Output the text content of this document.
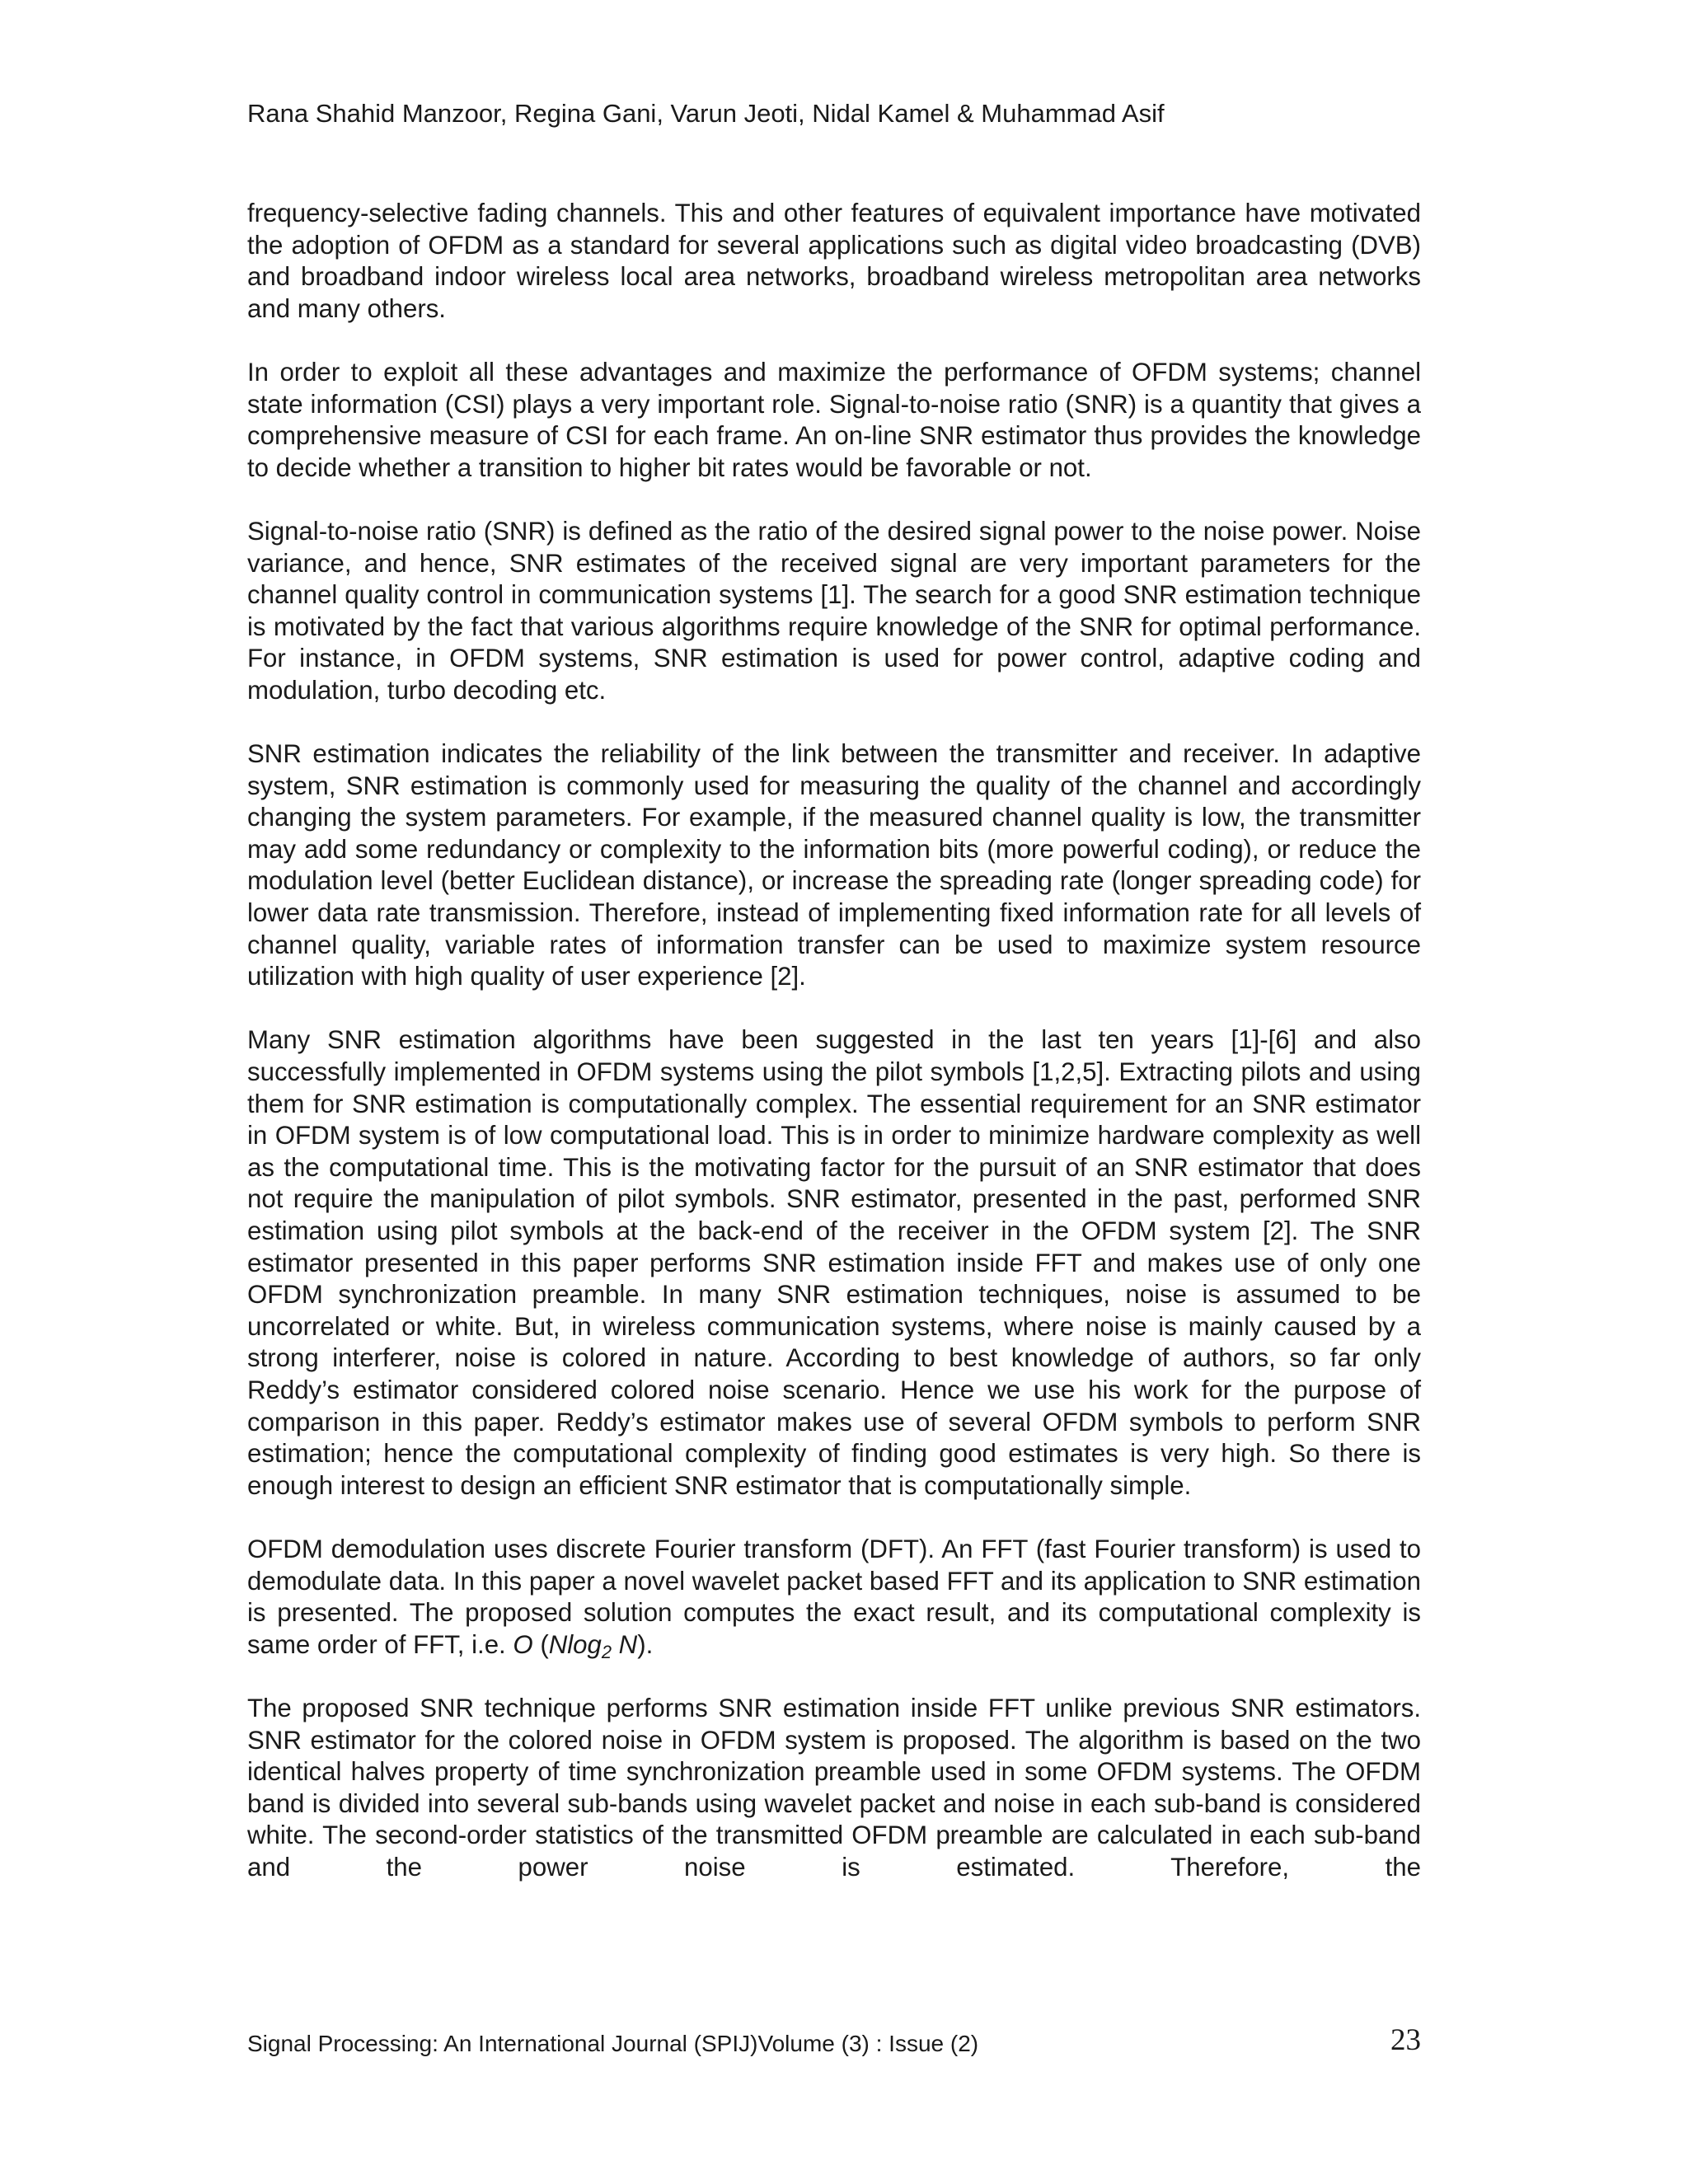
Rana Shahid Manzoor, Regina Gani, Varun Jeoti, Nidal Kamel & Muhammad Asif

frequency-selective fading channels. This and other features of equivalent importance have motivated the adoption of OFDM as a standard for several applications such as digital video broadcasting (DVB) and broadband indoor wireless local area networks, broadband wireless metropolitan area networks and many others.

In order to exploit all these advantages and maximize the performance of OFDM systems; channel state information (CSI) plays a very important role. Signal-to-noise ratio (SNR) is a quantity that gives a comprehensive measure of CSI for each frame. An on-line SNR estimator thus provides the knowledge to decide whether a transition to higher bit rates would be favorable or not.

Signal-to-noise ratio (SNR) is defined as the ratio of the desired signal power to the noise power. Noise variance, and hence, SNR estimates of the received signal are very important parameters for the channel quality control in communication systems [1]. The search for a good SNR estimation technique is motivated by the fact that various algorithms require knowledge of the SNR for optimal performance. For instance, in OFDM systems, SNR estimation is used for power control, adaptive coding and modulation, turbo decoding etc.

SNR estimation indicates the reliability of the link between the transmitter and receiver. In adaptive system, SNR estimation is commonly used for measuring the quality of the channel and accordingly changing the system parameters. For example, if the measured channel quality is low, the transmitter may add some redundancy or complexity to the information bits (more powerful coding), or reduce the modulation level (better Euclidean distance), or increase the spreading rate (longer spreading code) for lower data rate transmission. Therefore, instead of implementing fixed information rate for all levels of channel quality, variable rates of information transfer can be used to maximize system resource utilization with high quality of user experience [2].

Many SNR estimation algorithms have been suggested in the last ten years [1]-[6] and also successfully implemented in OFDM systems using the pilot symbols [1,2,5]. Extracting pilots and using them for SNR estimation is computationally complex. The essential requirement for an SNR estimator in OFDM system is of low computational load. This is in order to minimize hardware complexity as well as the computational time. This is the motivating factor for the pursuit of an SNR estimator that does not require the manipulation of pilot symbols. SNR estimator, presented in the past, performed SNR estimation using pilot symbols at the back-end of the receiver in the OFDM system [2]. The SNR estimator presented in this paper performs SNR estimation inside FFT and makes use of only one OFDM synchronization preamble. In many SNR estimation techniques, noise is assumed to be uncorrelated or white. But, in wireless communication systems, where noise is mainly caused by a strong interferer, noise is colored in nature. According to best knowledge of authors, so far only Reddy’s estimator considered colored noise scenario. Hence we use his work for the purpose of comparison in this paper. Reddy’s estimator makes use of several OFDM symbols to perform SNR estimation; hence the computational complexity of finding good estimates is very high. So there is enough interest to design an efficient SNR estimator that is computationally simple.

OFDM demodulation uses discrete Fourier transform (DFT). An FFT (fast Fourier transform) is used to demodulate data. In this paper a novel wavelet packet based FFT and its application to SNR estimation is presented. The proposed solution computes the exact result, and its computational complexity is same order of FFT, i.e. O (Nlog$_2$ N).

The proposed SNR technique performs SNR estimation inside FFT unlike previous SNR estimators. SNR estimator for the colored noise in OFDM system is proposed. The algorithm is based on the two identical halves property of time synchronization preamble used in some OFDM systems. The OFDM band is divided into several sub-bands using wavelet packet and noise in each sub-band is considered white. The second-order statistics of the transmitted OFDM preamble are calculated in each sub-band and the power noise is estimated. Therefore, the

Signal Processing: An International Journal (SPIJ)Volume (3) : Issue (2)	23
